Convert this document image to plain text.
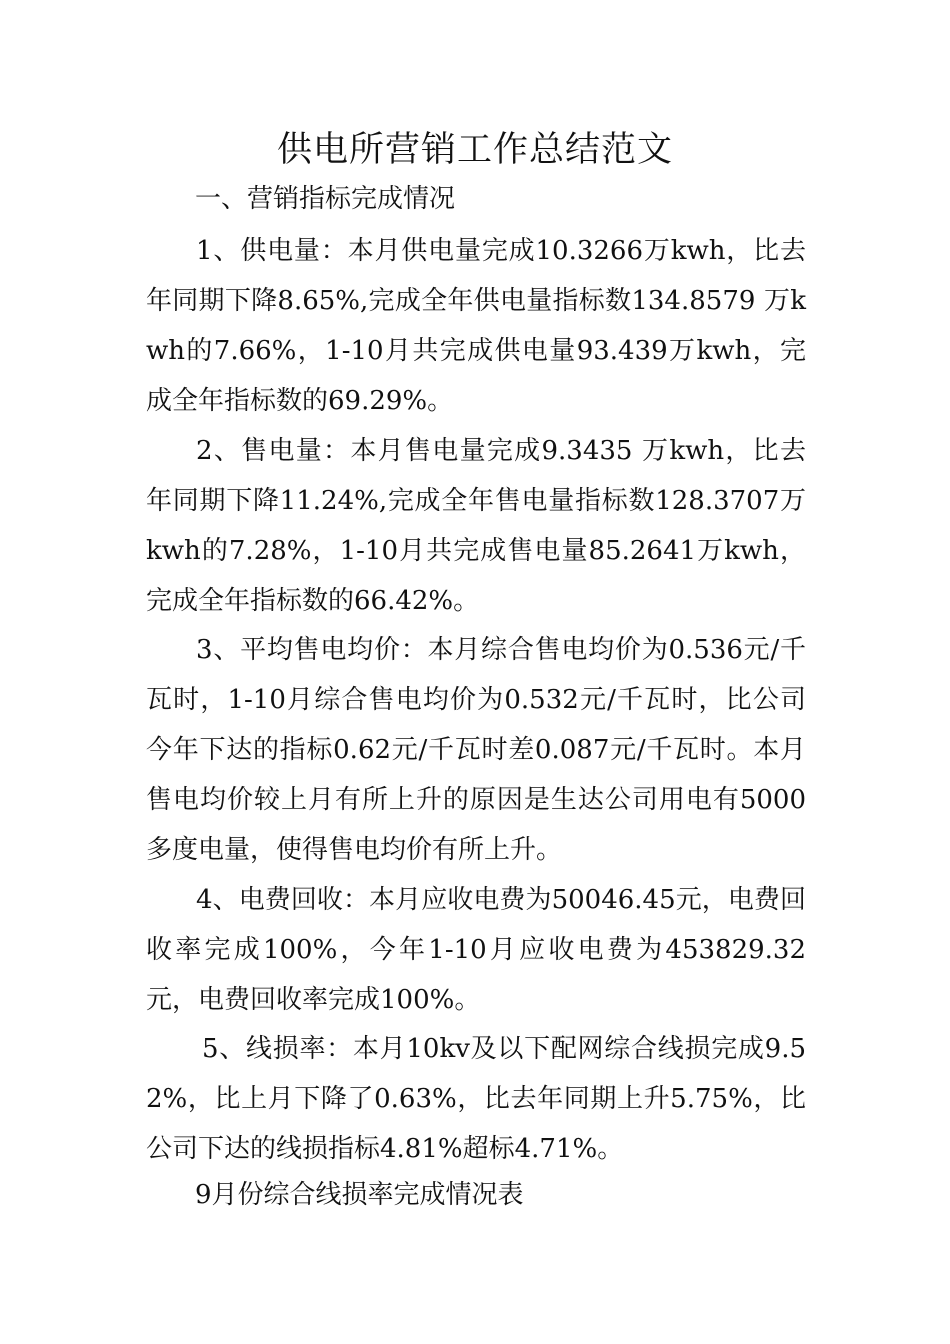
供电所营销工作总结范文
一、营销指标完成情况
1、供电量：本月供电量完成10.3266万kwh，比去年同期下降8.65%,完成全年供电量指标数134.8579 万kwh的7.66%，1-10月共完成供电量93.439万kwh，完成全年指标数的69.29%。
2、售电量：本月售电量完成9.3435 万kwh，比去年同期下降11.24%,完成全年售电量指标数128.3707万kwh的7.28%，1-10月共完成售电量85.2641万kwh，完成全年指标数的66.42%。
3、平均售电均价：本月综合售电均价为0.536元/千瓦时，1-10月综合售电均价为0.532元/千瓦时，比公司今年下达的指标0.62元/千瓦时差0.087元/千瓦时。本月售电均价较上月有所上升的原因是生达公司用电有5000多度电量，使得售电均价有所上升。
4、电费回收：本月应收电费为50046.45元，电费回收率完成100%，今年1-10月应收电费为453829.32元，电费回收率完成100%。
5、线损率：本月10kv及以下配网综合线损完成9.52%，比上月下降了0.63%，比去年同期上升5.75%，比公司下达的线损指标4.81%超标4.71%。
9月份综合线损率完成情况表
